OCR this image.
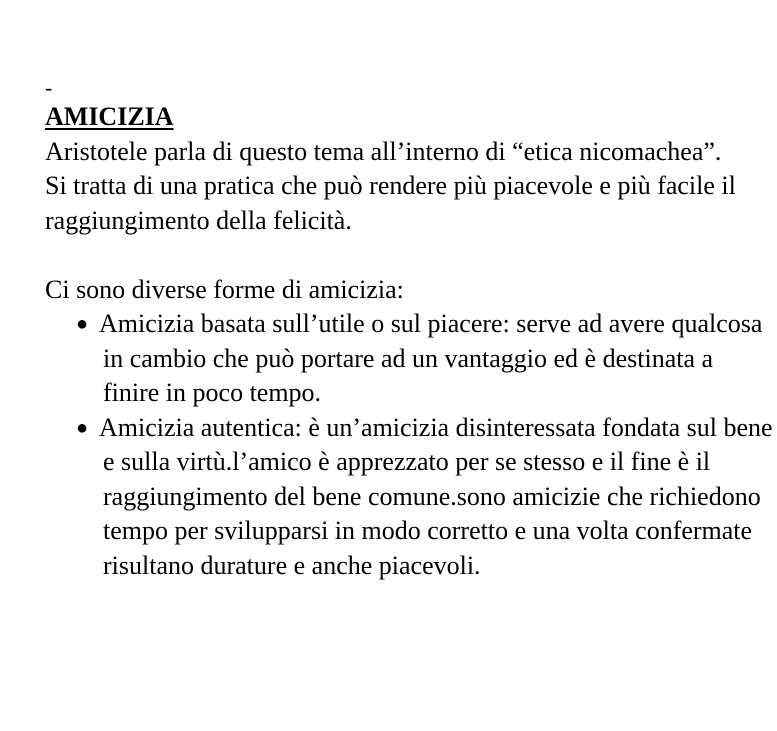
-
AMICIZIA

Aristotele parla di questo tema all’interno di “etica nicomachea”.

Si tratta di una pratica che può rendere più piacevole e più facile il raggiungimento della felicità.

Ci sono diverse forme di amicizia:

● Amicizia basata sull’utile o sul piacere: serve ad avere qualcosa in cambio che può portare ad un vantaggio ed è destinata a finire in poco tempo.
● Amicizia autentica: è un’amicizia disinteressata fondata sul bene e sulla virtù.l’amico è apprezzato per se stesso e il fine è il raggiungimento del bene comune.sono amicizie che richiedono tempo per svilupparsi in modo corretto e una volta confermate risultano durature e anche piacevoli.
